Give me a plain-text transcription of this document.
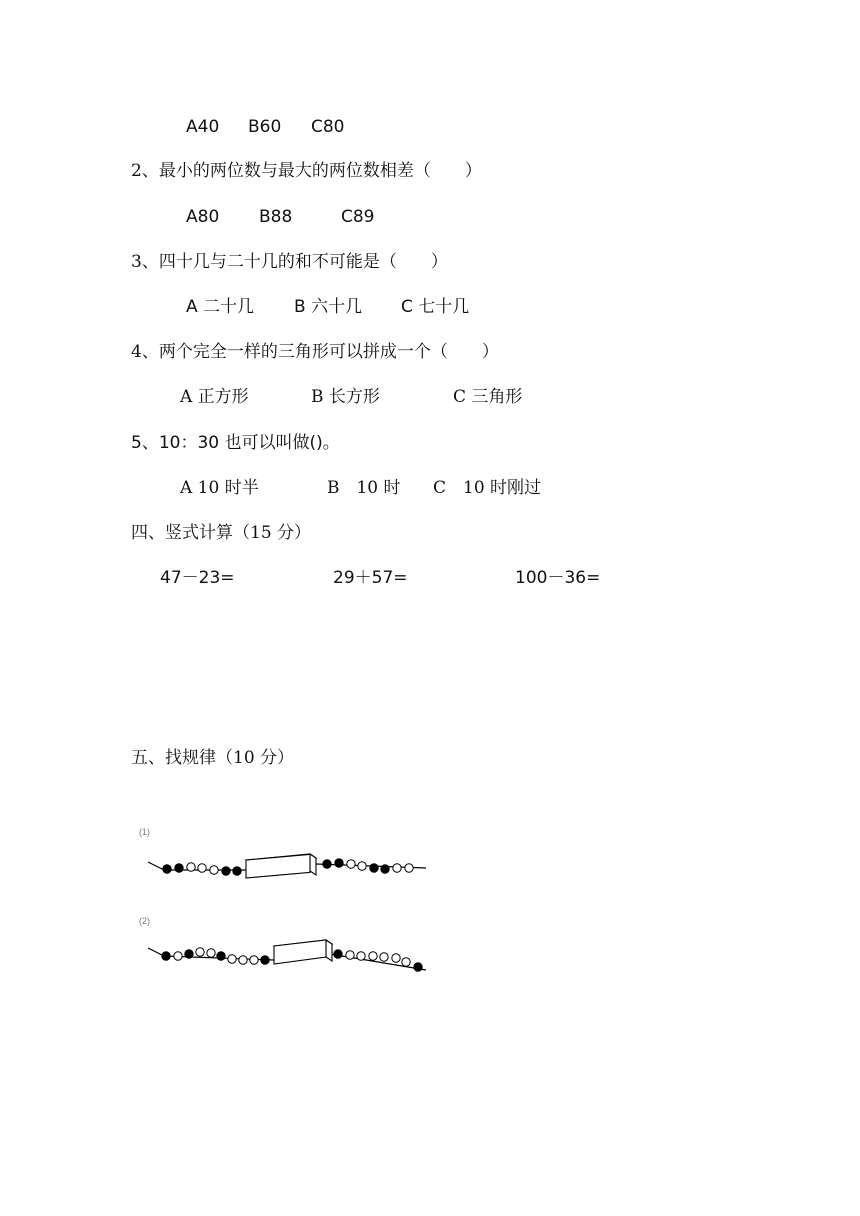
A40 B60 C80
2、最小的两位数与最大的两位数相差（　　）
A80 B88	C89
3、四十几与二十几的和不可能是（　　）
A 二十几 B 六十几 C 七十几
4、两个完全一样的三角形可以拼成一个（　　）
A 正方形	B 长方形	C 三角形
5、10：30 也可以叫做()。
A 10 时半	B　10 时 C　10 时刚过
四、竖式计算（15 分）
47－23=	29＋57=	100－36=
五、找规律（10 分）
(1)
(2)
